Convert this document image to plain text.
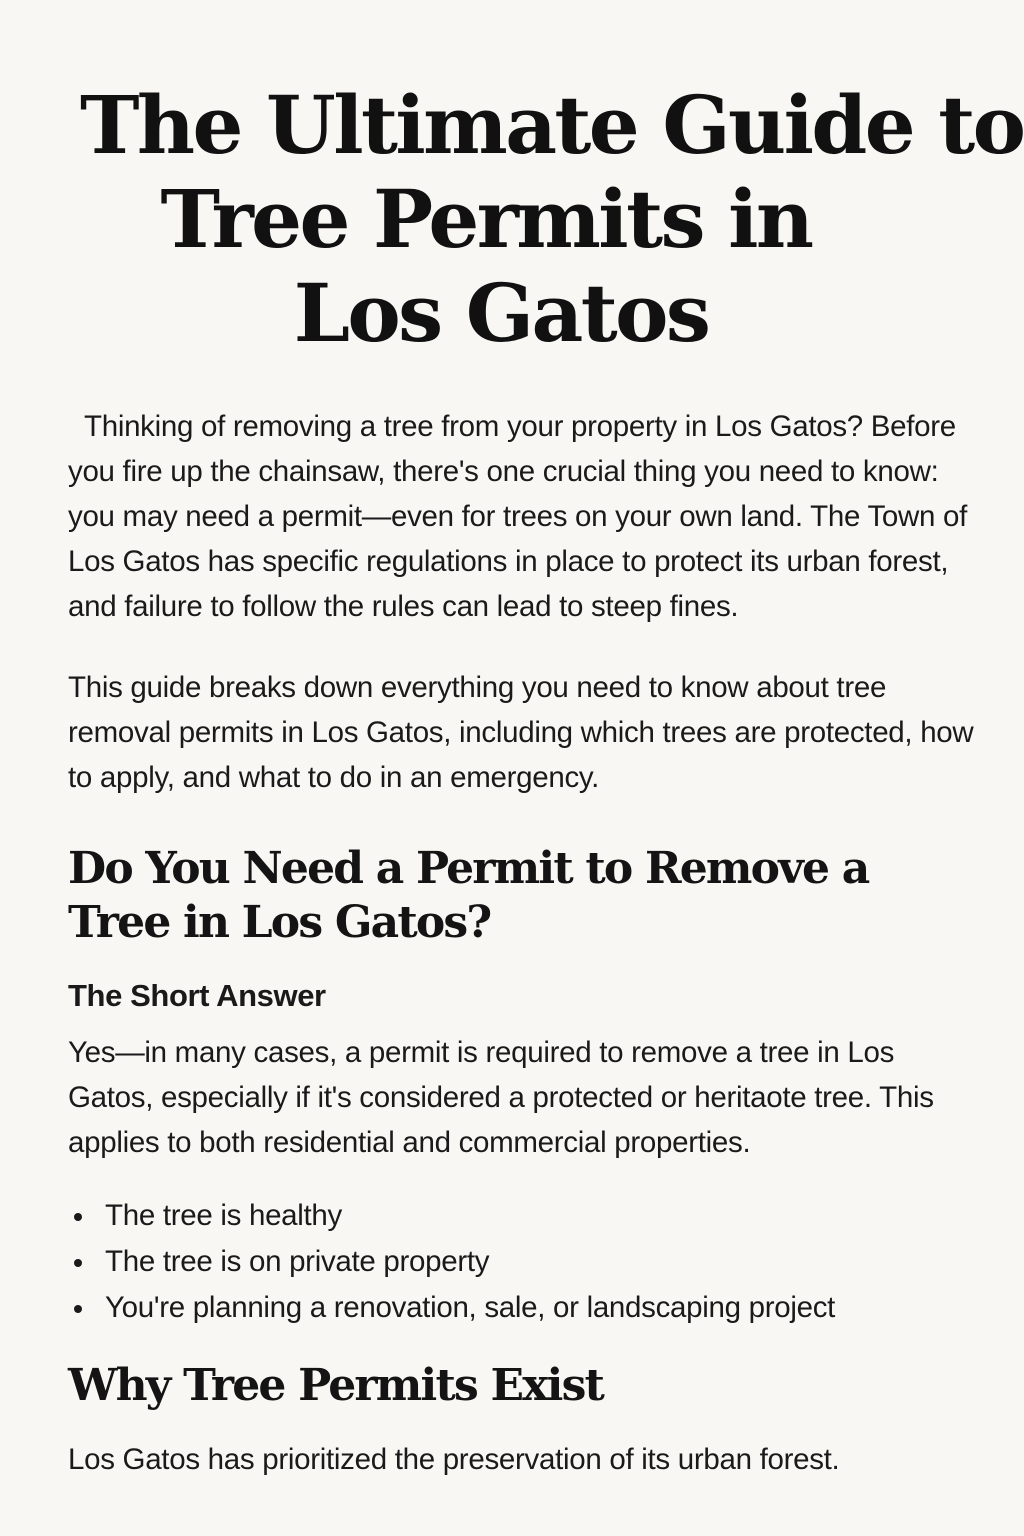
The Ultimate Guide to
Tree Permits in
Los Gatos

Thinking of removing a tree from your property in Los Gatos? Before you fire up the chainsaw, there's one crucial thing you need to know: you may need a permit—even for trees on your own land. The Town of Los Gatos has specific regulations in place to protect its urban forest, and failure to follow the rules can lead to steep fines.

This guide breaks down everything you need to know about tree removal permits in Los Gatos, including which trees are protected, how to apply, and what to do in an emergency.

Do You Need a Permit to Remove a Tree in Los Gatos?
The Short Answer

Yes—in many cases, a permit is required to remove a tree in Los Gatos, especially if it's considered a protected or heritaote tree. This applies to both residential and commercial properties.

The tree is healthy
The tree is on private property
You're planning a renovation, sale, or landscaping project
Why Tree Permits Exist

Los Gatos has prioritized the preservation of its urban forest.
